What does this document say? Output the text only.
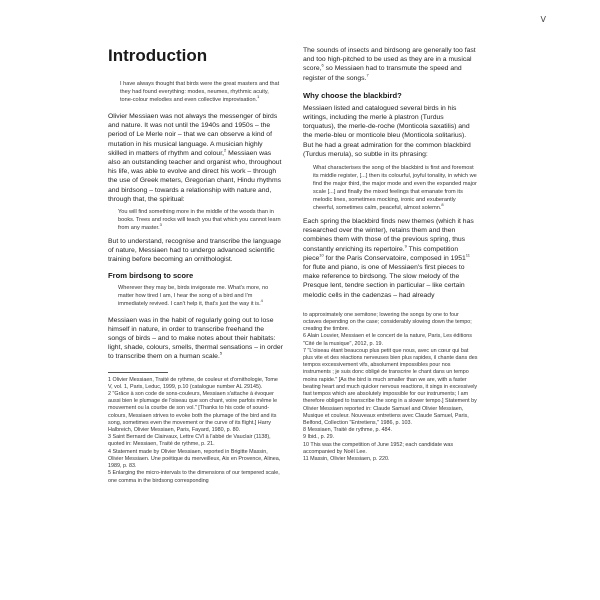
V
Introduction
I have always thought that birds were the great masters and that they had found everything: modes, neumes, rhythmic acuity, tone-colour melodies and even collective improvisation.$^1$

Olivier Messiaen was not always the messenger of birds and nature. It was not until the 1940s and 1950s – the period of Le Merle noir – that we can observe a kind of mutation in his musical language. A musician highly skilled in matters of rhythm and colour,$^2$ Messiaen was also an outstanding teacher and organist who, throughout his life, was able to evolve and direct his work – through the use of Greek meters, Gregorian chant, Hindu rhythms and birdsong – towards a relationship with nature and, through that, the spiritual:

You will find something more in the middle of the woods than in books. Trees and rocks will teach you that which you cannot learn from any master.$^3$

But to understand, recognise and transcribe the language of nature, Messiaen had to undergo advanced scientific training before becoming an ornithologist.

From birdsong to score
Wherever they may be, birds invigorate me. What's more, no matter how tired I am, I hear the song of a bird and I'm immediately revived. I can't help it, that's just the way it is.$^4$

Messiaen was in the habit of regularly going out to lose himself in nature, in order to transcribe freehand the songs of birds – and to make notes about their habitats: light, shade, colours, smells, thermal sensations – in order to transcribe them on a human scale.$^5$

1 Olivier Messiaen, Traité de rythme, de couleur et d'ornithologie, Tome V, vol. 1, Paris, Leduc, 1999, p.10 (catalogue number AL 29145).

2 "Grâce à son code de sons-couleurs, Messiaen s'attache à évoquer aussi bien le plumage de l'oiseau que son chant, voire parfois même le mouvement ou la courbe de son vol." [Thanks to his code of sound-colours, Messiaen strives to evoke both the plumage of the bird and its song, sometimes even the movement or the curve of its flight.] Harry Halbreich, Olivier Messiaen, Paris, Fayard, 1980, p. 80.

3 Saint Bernard de Clairvaux, Lettre CVI à l'abbé de Vauclair (1138), quoted in: Messiaen, Traité de rythme, p. 21.

4 Statement made by Olivier Messiaen, reported in Brigitte Massin, Olivier Messiaen. Une poétique du merveilleux, Aix en Provence, Alinea, 1989, p. 83.

5 Enlarging the micro-intervals to the dimensions of our tempered scale, one comma in the birdsong corresponding

The sounds of insects and birdsong are generally too fast and too high-pitched to be used as they are in a musical score,$^6$ so Messiaen had to transmute the speed and register of the songs.$^7$

Why choose the blackbird?

Messiaen listed and catalogued several birds in his writings, including the merle à plastron (Turdus torquatus), the merle-de-roche (Monticola saxatilis) and the merle-bleu or monticole bleu (Monticola solitarius). But he had a great admiration for the common blackbird (Turdus merula), so subtle in its phrasing:

What characterises the song of the blackbird is first and foremost its middle register, [...] then its colourful, joyful tonality, in which we find the major third, the major mode and even the expanded major scale [...] and finally the mixed feelings that emanate from its melodic lines, sometimes mocking, ironic and exuberantly cheerful, sometimes calm, peaceful, almost solemn.$^8$

Each spring the blackbird finds new themes (which it has researched over the winter), retains them and then combines them with those of the previous spring, thus constantly enriching its repertoire.$^9$ This competition piece$^{10}$ for the Paris Conservatoire, composed in 1951$^{11}$ for flute and piano, is one of Messiaen's first pieces to make reference to birdsong. The slow melody of the Presque lent, tendre section in particular – like certain melodic cells in the cadenzas – had already

to approximately one semitone; lowering the songs by one to four octaves depending on the case; considerably slowing down the tempo; creating the timbre.

6 Alain Louvier, Messiaen et le concert de la nature, Paris, Les éditions "Cité de la musique", 2012, p. 19.

7 "L'oiseau étant beaucoup plus petit que nous, avec un cœur qui bat plus vite et des réactions nerveuses bien plus rapides, il chante dans des tempos excessivement vifs, absolument impossibles pour nos instruments ; je suis donc obligé de transcrire le chant dans un tempo moins rapide." [As the bird is much smaller than we are, with a faster beating heart and much quicker nervous reactions, it sings in excessively fast tempos which are absolutely impossible for our instruments; I am therefore obliged to transcribe the song in a slower tempo.] Statement by Olivier Messiaen reported in: Claude Samuel and Olivier Messiaen, Musique et couleur. Nouveaux entretiens avec Claude Samuel, Paris, Belfond, Collection "Entretiens," 1986, p. 103.

8 Messiaen, Traité de rythme, p. 484.

9 Ibid., p. 29.

10 This was the competition of June 1952; each candidate was accompanied by Noël Lee.

11 Massin, Olivier Messiaen, p. 220.
